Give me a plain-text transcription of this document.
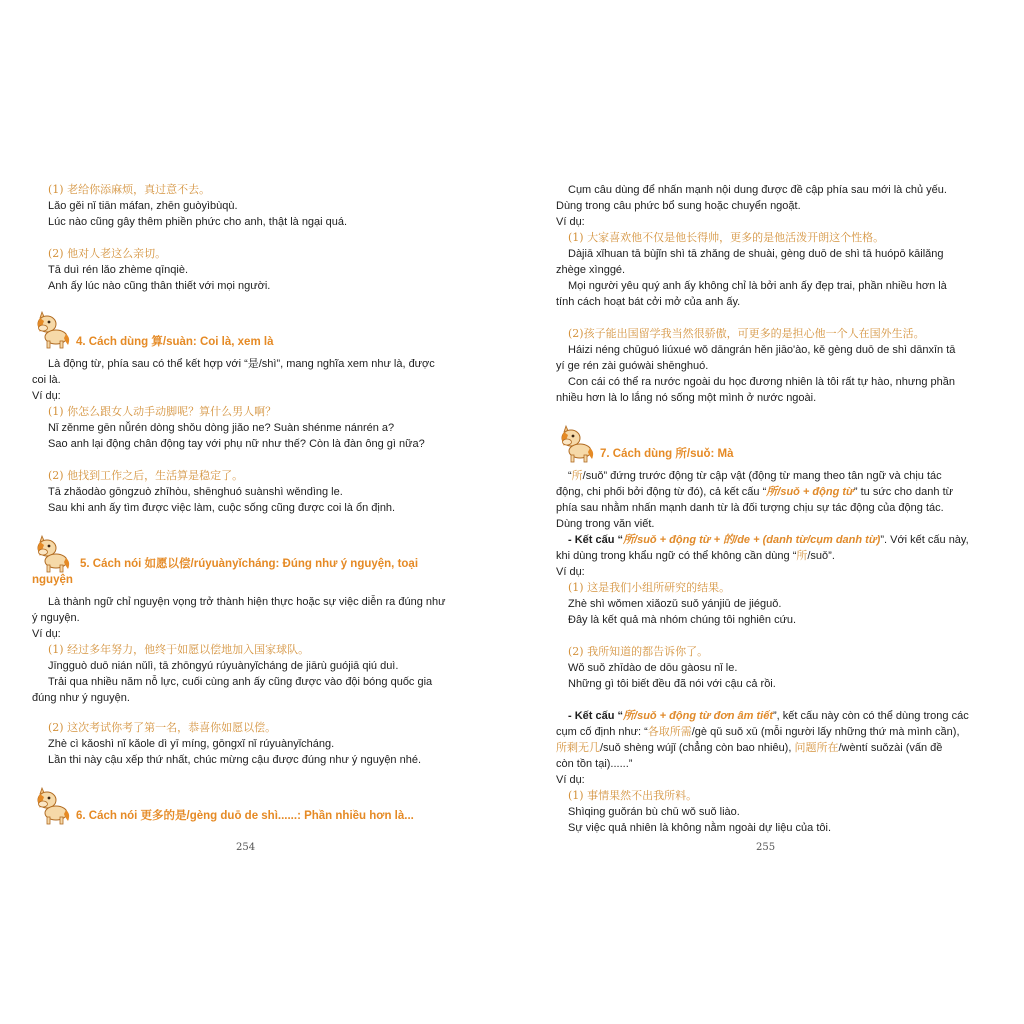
(1) 老给你添麻烦，真过意不去。
Lǎo gěi nǐ tiān máfan, zhēn guòyìbùqù.
Lúc nào cũng gây thêm phiền phức cho anh, thật là ngại quá.
(2) 他对人老这么亲切。
Tā duì rén lǎo zhème qīnqiè.
Anh ấy lúc nào cũng thân thiết với mọi người.
4. Cách dùng 算/suàn: Coi là, xem là
Là động từ, phía sau có thể kết hợp với “是/shì”, mang nghĩa xem như là, được
coi là.
Ví dụ:
(1) 你怎么跟女人动手动脚呢？算什么男人啊？
Nǐ zěnme gēn nǚrén dòng shǒu dòng jiǎo ne? Suàn shénme nánrén a?
Sao anh lại động chân động tay với phụ nữ như thế? Còn là đàn ông gì nữa?
(2) 他找到工作之后，生活算是稳定了。
Tā zhǎodào gōngzuò zhīhòu, shēnghuó suànshì wěndìng le.
Sau khi anh ấy tìm được việc làm, cuộc sống cũng được coi là ổn định.
5. Cách nói 如愿以偿/rúyuànyǐcháng: Đúng như ý nguyện, toại
nguyện
Là thành ngữ chỉ nguyện vọng trở thành hiện thực hoặc sự việc diễn ra đúng như
ý nguyện.
Ví dụ:
(1) 经过多年努力，他终于如愿以偿地加入国家球队。
Jīngguò duō nián nǔlì, tā zhōngyú rúyuànyǐcháng de jiārù guójiā qiú duì.
Trải qua nhiều năm nỗ lực, cuối cùng anh ấy cũng được vào đội bóng quốc gia
đúng như ý nguyện.
(2) 这次考试你考了第一名，恭喜你如愿以偿。
Zhè cì kǎoshì nǐ kǎole dì yī míng, gōngxǐ nǐ rúyuànyǐcháng.
Lần thi này cậu xếp thứ nhất, chúc mừng cậu được đúng như ý nguyện nhé.
6. Cách nói 更多的是/gèng duō de shì......: Phần nhiều hơn là...
254
Cụm câu dùng để nhấn mạnh nội dung được đề cập phía sau mới là chủ yếu.
Dùng trong câu phức bổ sung hoặc chuyển ngoặt.
Ví dụ:
(1) 大家喜欢他不仅是他长得帅，更多的是他活泼开朗这个性格。
Dàjiā xǐhuan tā bùjǐn shì tā zhǎng de shuài, gèng duō de shì tā huópō kāilǎng
zhège xìnggé.
Mọi người yêu quý anh ấy không chỉ là bởi anh ấy đẹp trai, phần nhiều hơn là
tính cách hoạt bát cởi mở của anh ấy.
(2)孩子能出国留学我当然很骄傲，可更多的是担心他一个人在国外生活。
Háizi néng chūguó liúxué wǒ dāngrán hěn jiāo'ào, kě gèng duō de shì dānxīn tā
yí ge rén zài guówài shēnghuó.
Con cái có thể ra nước ngoài du học đương nhiên là tôi rất tự hào, nhưng phần
nhiều hơn là lo lắng nó sống một mình ở nước ngoài.
7. Cách dùng 所/suǒ: Mà
“所/suǒ” đứng trước động từ cập vật (động từ mang theo tân ngữ và chịu tác
động, chi phối bởi động từ đó), cả kết cấu “所/suǒ + động từ” tu sức cho danh từ
phía sau nhằm nhấn mạnh danh từ là đối tượng chịu sự tác động của động tác.
Dùng trong văn viết.
- Kết cấu “所/suǒ + động từ + 的/de + (danh từ/cụm danh từ)”. Với kết cấu này,
khi dùng trong khẩu ngữ có thể không cần dùng “所/suǒ”.
Ví dụ:
(1) 这是我们小组所研究的结果。
Zhè shì wǒmen xiǎozǔ suǒ yánjiū de jiéguǒ.
Đây là kết quả mà nhóm chúng tôi nghiên cứu.
(2) 我所知道的都告诉你了。
Wǒ suǒ zhīdào de dōu gàosu nǐ le.
Những gì tôi biết đều đã nói với cậu cả rồi.
- Kết cấu “所/suǒ + động từ đơn âm tiết”, kết cấu này còn có thể dùng trong các
cụm cố định như: “各取所需/gè qǔ suǒ xū (mỗi người lấy những thứ mà mình cần),
所剩无几/suǒ shèng wújǐ (chẳng còn bao nhiêu), 问题所在/wèntí suǒzài (vấn đề
còn tồn tại)......”
Ví dụ:
(1) 事情果然不出我所料。
Shìqing guǒrán bù chū wǒ suǒ liào.
Sự việc quả nhiên là không nằm ngoài dự liệu của tôi.
255
